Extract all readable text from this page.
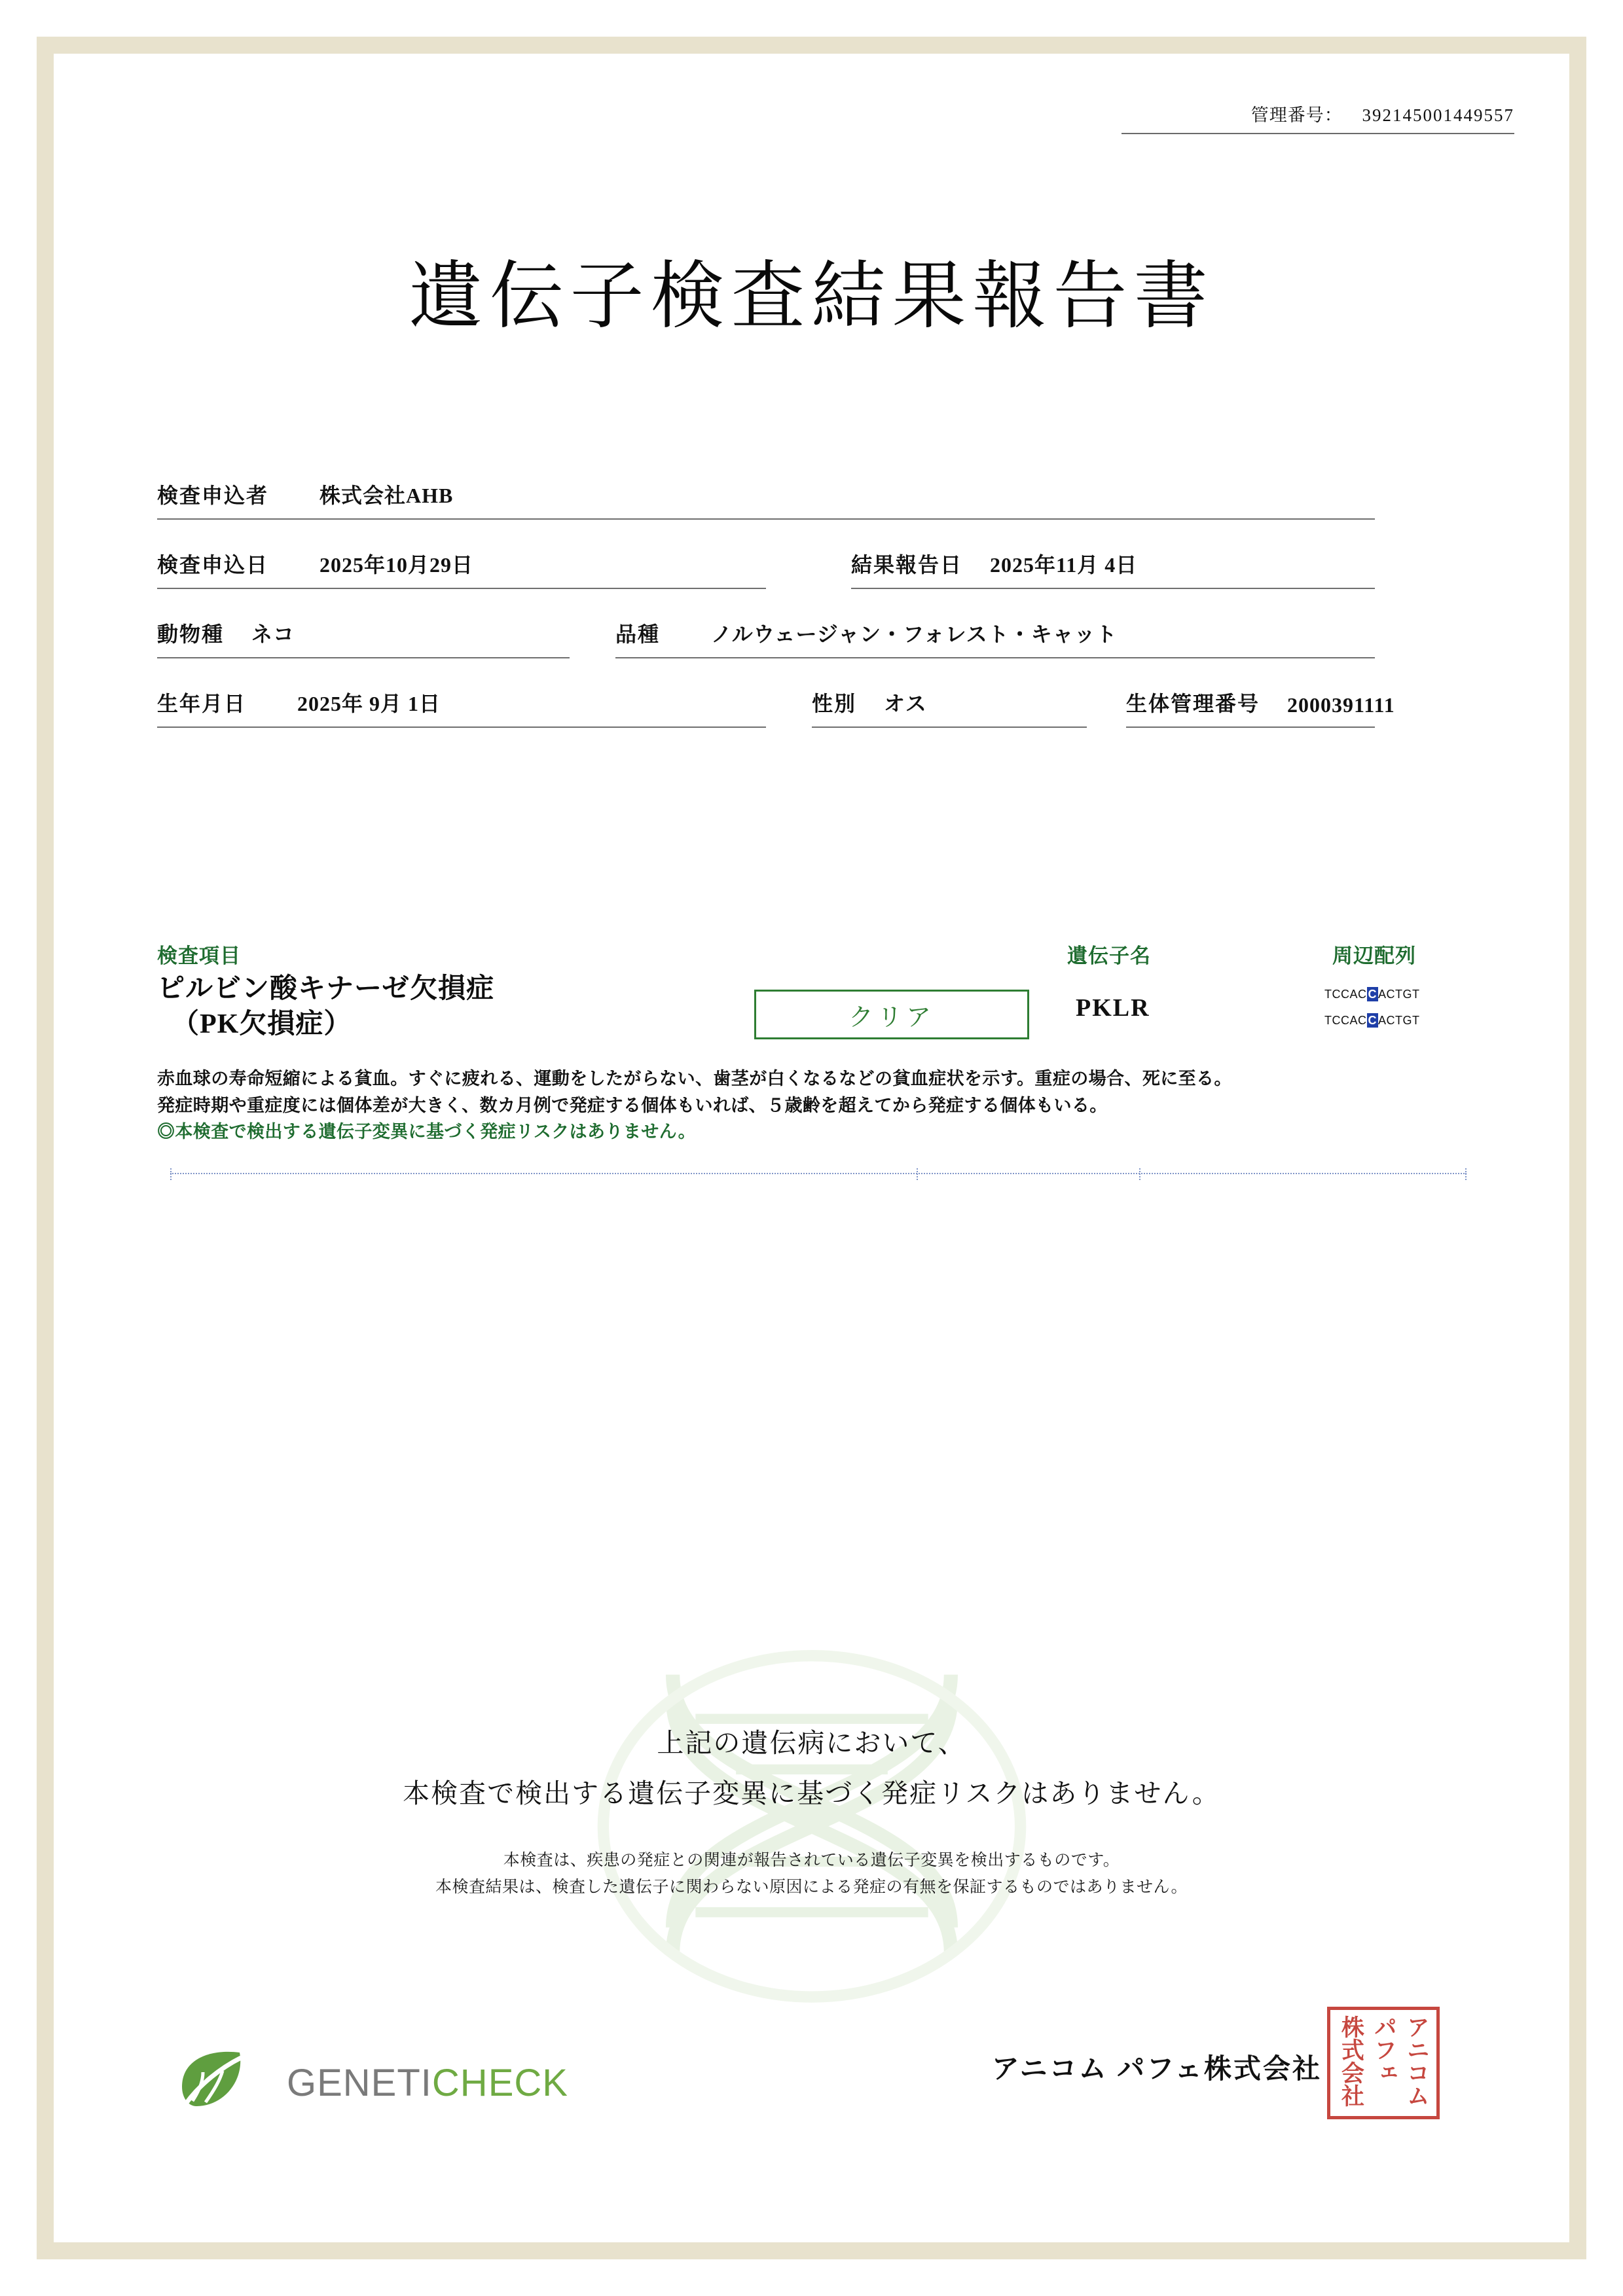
管理番号： 392145001449557
遺伝子検査結果報告書
検査申込者 株式会社AHB
検査申込日 2025年10月29日	結果報告日 2025年11月 4日
動物種 ネコ	品種 ノルウェージャン・フォレスト・キャット
生年月日 2025年 9月 1日	性別 オス	生体管理番号 2000391111
検査項目	遺伝子名	周辺配列
ピルビン酸キナーゼ欠損症
（PK欠損症）	クリア	PKLR	TCCAC C ACTGT
TCCAC C ACTGT
赤血球の寿命短縮による貧血。すぐに疲れる、運動をしたがらない、歯茎が白くなるなどの貧血症状を示す。重症の場合、死に至る。
発症時期や重症度には個体差が大きく、数カ月例で発症する個体もいれば、５歳齢を超えてから発症する個体もいる。
◎本検査で検出する遺伝子変異に基づく発症リスクはありません。
上記の遺伝病において、
本検査で検出する遺伝子変異に基づく発症リスクはありません。
本検査は、疾患の発症との関連が報告されている遺伝子変異を検出するものです。
本検査結果は、検査した遺伝子に関わらない原因による発症の有無を保証するものではありません。
GENETICHECK	アニコム パフェ株式会社	アニコム
パフェ
株式会社
